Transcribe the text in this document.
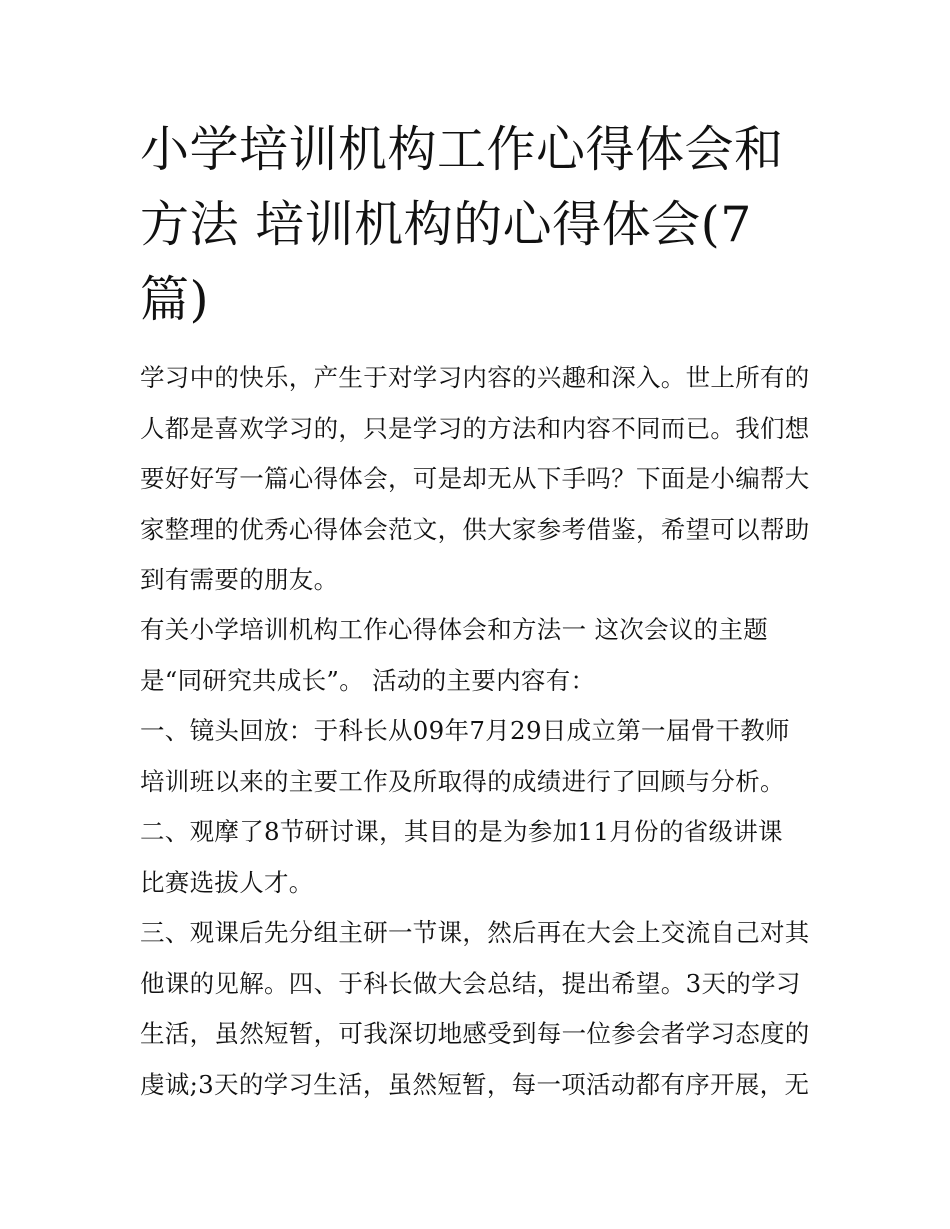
小学培训机构工作心得体会和
方法 培训机构的心得体会(7
篇)

学习中的快乐，产生于对学习内容的兴趣和深入。世上所有的
人都是喜欢学习的，只是学习的方法和内容不同而已。我们想
要好好写一篇心得体会，可是却无从下手吗？下面是小编帮大
家整理的优秀心得体会范文，供大家参考借鉴，希望可以帮助
到有需要的朋友。

有关小学培训机构工作心得体会和方法一 这次会议的主题
是“同研究共成长”。 活动的主要内容有：

一、镜头回放：于科长从09年7月29日成立第一届骨干教师
培训班以来的主要工作及所取得的成绩进行了回顾与分析。

二、观摩了8节研讨课，其目的是为参加11月份的省级讲课
比赛选拔人才。

三、观课后先分组主研一节课，然后再在大会上交流自己对其
他课的见解。四、于科长做大会总结，提出希望。3天的学习
生活，虽然短暂，可我深切地感受到每一位参会者学习态度的
虔诚;3天的学习生活，虽然短暂，每一项活动都有序开展，无
